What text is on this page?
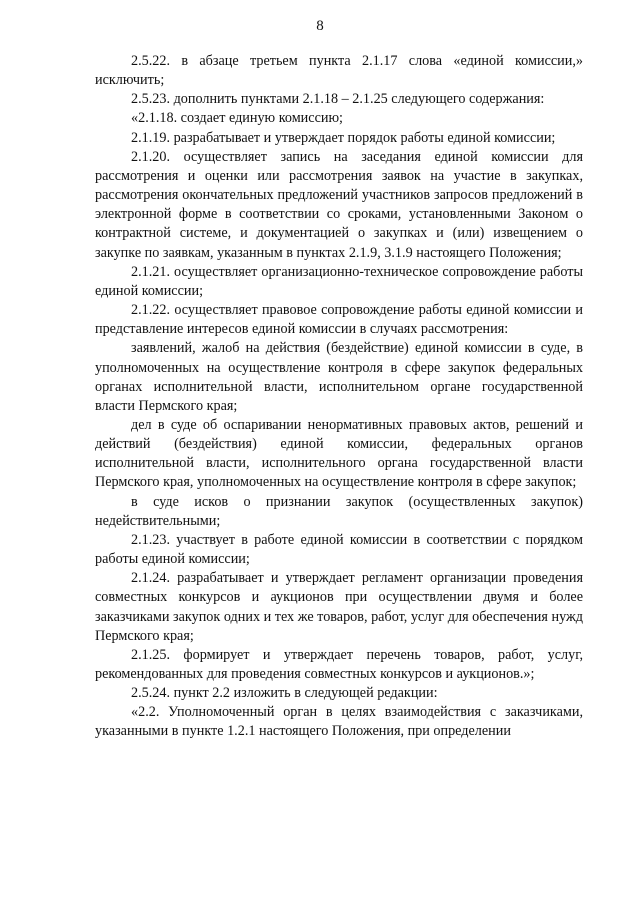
8

2.5.22. в абзаце третьем пункта 2.1.17 слова «единой комиссии,» исключить;

2.5.23. дополнить пунктами 2.1.18 – 2.1.25 следующего содержания:

«2.1.18. создает единую комиссию;

2.1.19. разрабатывает и утверждает порядок работы единой комиссии;

2.1.20. осуществляет запись на заседания единой комиссии для рассмотрения и оценки или рассмотрения заявок на участие в закупках, рассмотрения окончательных предложений участников запросов предложений в электронной форме в соответствии со сроками, установленными Законом о контрактной системе, и документацией о закупках и (или) извещением о закупке по заявкам, указанным в пунктах 2.1.9, 3.1.9 настоящего Положения;

2.1.21. осуществляет организационно-техническое сопровождение работы единой комиссии;

2.1.22. осуществляет правовое сопровождение работы единой комиссии и представление интересов единой комиссии в случаях рассмотрения:

заявлений, жалоб на действия (бездействие) единой комиссии в суде, в уполномоченных на осуществление контроля в сфере закупок федеральных органах исполнительной власти, исполнительном органе государственной власти Пермского края;

дел в суде об оспаривании ненормативных правовых актов, решений и действий (бездействия) единой комиссии, федеральных органов исполнительной власти, исполнительного органа государственной власти Пермского края, уполномоченных на осуществление контроля в сфере закупок;

в суде исков о признании закупок (осуществленных закупок) недействительными;

2.1.23. участвует в работе единой комиссии в соответствии с порядком работы единой комиссии;

2.1.24. разрабатывает и утверждает регламент организации проведения совместных конкурсов и аукционов при осуществлении двумя и более заказчиками закупок одних и тех же товаров, работ, услуг для обеспечения нужд Пермского края;

2.1.25. формирует и утверждает перечень товаров, работ, услуг, рекомендованных для проведения совместных конкурсов и аукционов.»;

2.5.24. пункт 2.2 изложить в следующей редакции:

«2.2. Уполномоченный орган в целях взаимодействия с заказчиками, указанными в пункте 1.2.1 настоящего Положения, при определении
